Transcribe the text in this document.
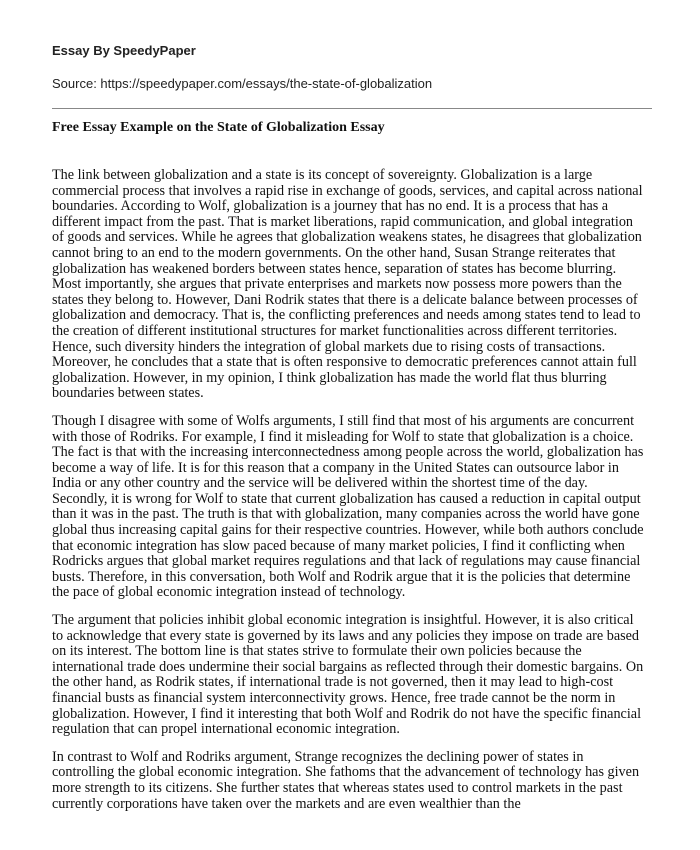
Essay By SpeedyPaper
Source: https://speedypaper.com/essays/the-state-of-globalization
Free Essay Example on the State of Globalization Essay

The link between globalization and a state is its concept of sovereignty. Globalization is a large commercial process that involves a rapid rise in exchange of goods, services, and capital across national boundaries. According to Wolf, globalization is a journey that has no end. It is a process that has a different impact from the past. That is market liberations, rapid communication, and global integration of goods and services. While he agrees that globalization weakens states, he disagrees that globalization cannot bring to an end to the modern governments. On the other hand, Susan Strange reiterates that globalization has weakened borders between states hence, separation of states has become blurring. Most importantly, she argues that private enterprises and markets now possess more powers than the states they belong to. However, Dani Rodrik states that there is a delicate balance between processes of globalization and democracy. That is, the conflicting preferences and needs among states tend to lead to the creation of different institutional structures for market functionalities across different territories. Hence, such diversity hinders the integration of global markets due to rising costs of transactions. Moreover, he concludes that a state that is often responsive to democratic preferences cannot attain full globalization. However, in my opinion, I think globalization has made the world flat thus blurring boundaries between states.

Though I disagree with some of Wolfs arguments, I still find that most of his arguments are concurrent with those of Rodriks. For example, I find it misleading for Wolf to state that globalization is a choice. The fact is that with the increasing interconnectedness among people across the world, globalization has become a way of life. It is for this reason that a company in the United States can outsource labor in India or any other country and the service will be delivered within the shortest time of the day. Secondly, it is wrong for Wolf to state that current globalization has caused a reduction in capital output than it was in the past. The truth is that with globalization, many companies across the world have gone global thus increasing capital gains for their respective countries. However, while both authors conclude that economic integration has slow paced because of many market policies, I find it conflicting when Rodricks argues that global market requires regulations and that lack of regulations may cause financial busts. Therefore, in this conversation, both Wolf and Rodrik argue that it is the policies that determine the pace of global economic integration instead of technology.

The argument that policies inhibit global economic integration is insightful. However, it is also critical to acknowledge that every state is governed by its laws and any policies they impose on trade are based on its interest. The bottom line is that states strive to formulate their own policies because the international trade does undermine their social bargains as reflected through their domestic bargains. On the other hand, as Rodrik states, if international trade is not governed, then it may lead to high-cost financial busts as financial system interconnectivity grows. Hence, free trade cannot be the norm in globalization. However, I find it interesting that both Wolf and Rodrik do not have the specific financial regulation that can propel international economic integration.

In contrast to Wolf and Rodriks argument, Strange recognizes the declining power of states in controlling the global economic integration. She fathoms that the advancement of technology has given more strength to its citizens. She further states that whereas states used to control markets in the past currently corporations have taken over the markets and are even wealthier than the
